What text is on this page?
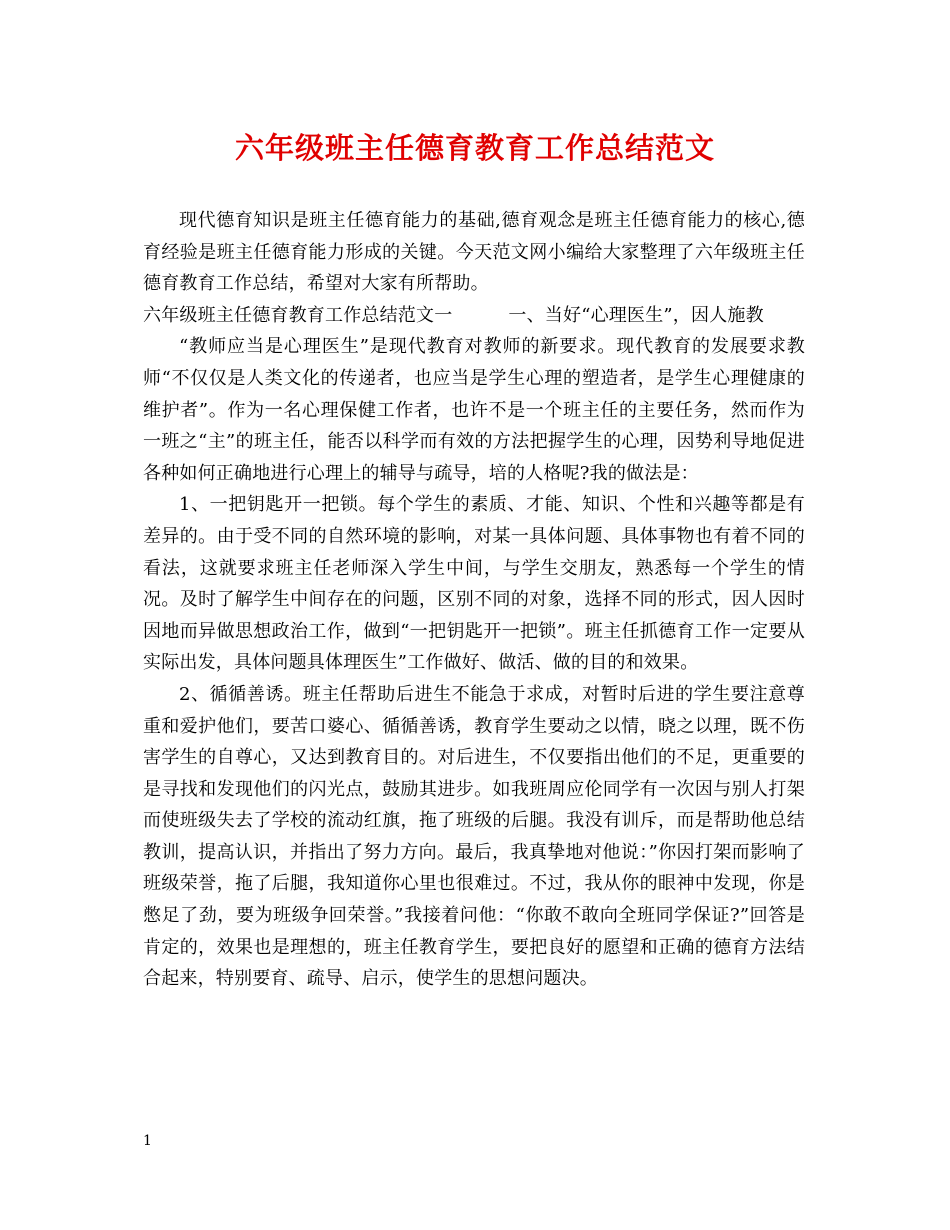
六年级班主任德育教育工作总结范文

现代德育知识是班主任德育能力的基础,德育观念是班主任德育能力的核心,德育经验是班主任德育能力形成的关键。今天范文网小编给大家整理了六年级班主任德育教育工作总结，希望对大家有所帮助。

六年级班主任德育教育工作总结范文一	一、当好“心理医生”，因人施教

“教师应当是心理医生”是现代教育对教师的新要求。现代教育的发展要求教师“不仅仅是人类文化的传递者，也应当是学生心理的塑造者，是学生心理健康的维护者”。作为一名心理保健工作者，也许不是一个班主任的主要任务，然而作为一班之“主”的班主任，能否以科学而有效的方法把握学生的心理，因势利导地促进各种如何正确地进行心理上的辅导与疏导，培的人格呢?我的做法是：

1、一把钥匙开一把锁。每个学生的素质、才能、知识、个性和兴趣等都是有差异的。由于受不同的自然环境的影响，对某一具体问题、具体事物也有着不同的看法，这就要求班主任老师深入学生中间，与学生交朋友，熟悉每一个学生的情况。及时了解学生中间存在的问题，区别不同的对象，选择不同的形式，因人因时因地而异做思想政治工作，做到“一把钥匙开一把锁”。班主任抓德育工作一定要从实际出发，具体问题具体理医生”工作做好、做活、做的目的和效果。

2、循循善诱。班主任帮助后进生不能急于求成，对暂时后进的学生要注意尊重和爱护他们，要苦口婆心、循循善诱，教育学生要动之以情，晓之以理，既不伤害学生的自尊心，又达到教育目的。对后进生，不仅要指出他们的不足，更重要的是寻找和发现他们的闪光点，鼓励其进步。如我班周应伦同学有一次因与别人打架而使班级失去了学校的流动红旗，拖了班级的后腿。我没有训斥，而是帮助他总结教训，提高认识，并指出了努力方向。最后，我真挚地对他说：”你因打架而影响了班级荣誉，拖了后腿，我知道你心里也很难过。不过，我从你的眼神中发现，你是憋足了劲，要为班级争回荣誉。”我接着问他：“你敢不敢向全班同学保证?”回答是肯定的，效果也是理想的，班主任教育学生，要把良好的愿望和正确的德育方法结合起来，特别要育、疏导、启示，使学生的思想问题决。

1
